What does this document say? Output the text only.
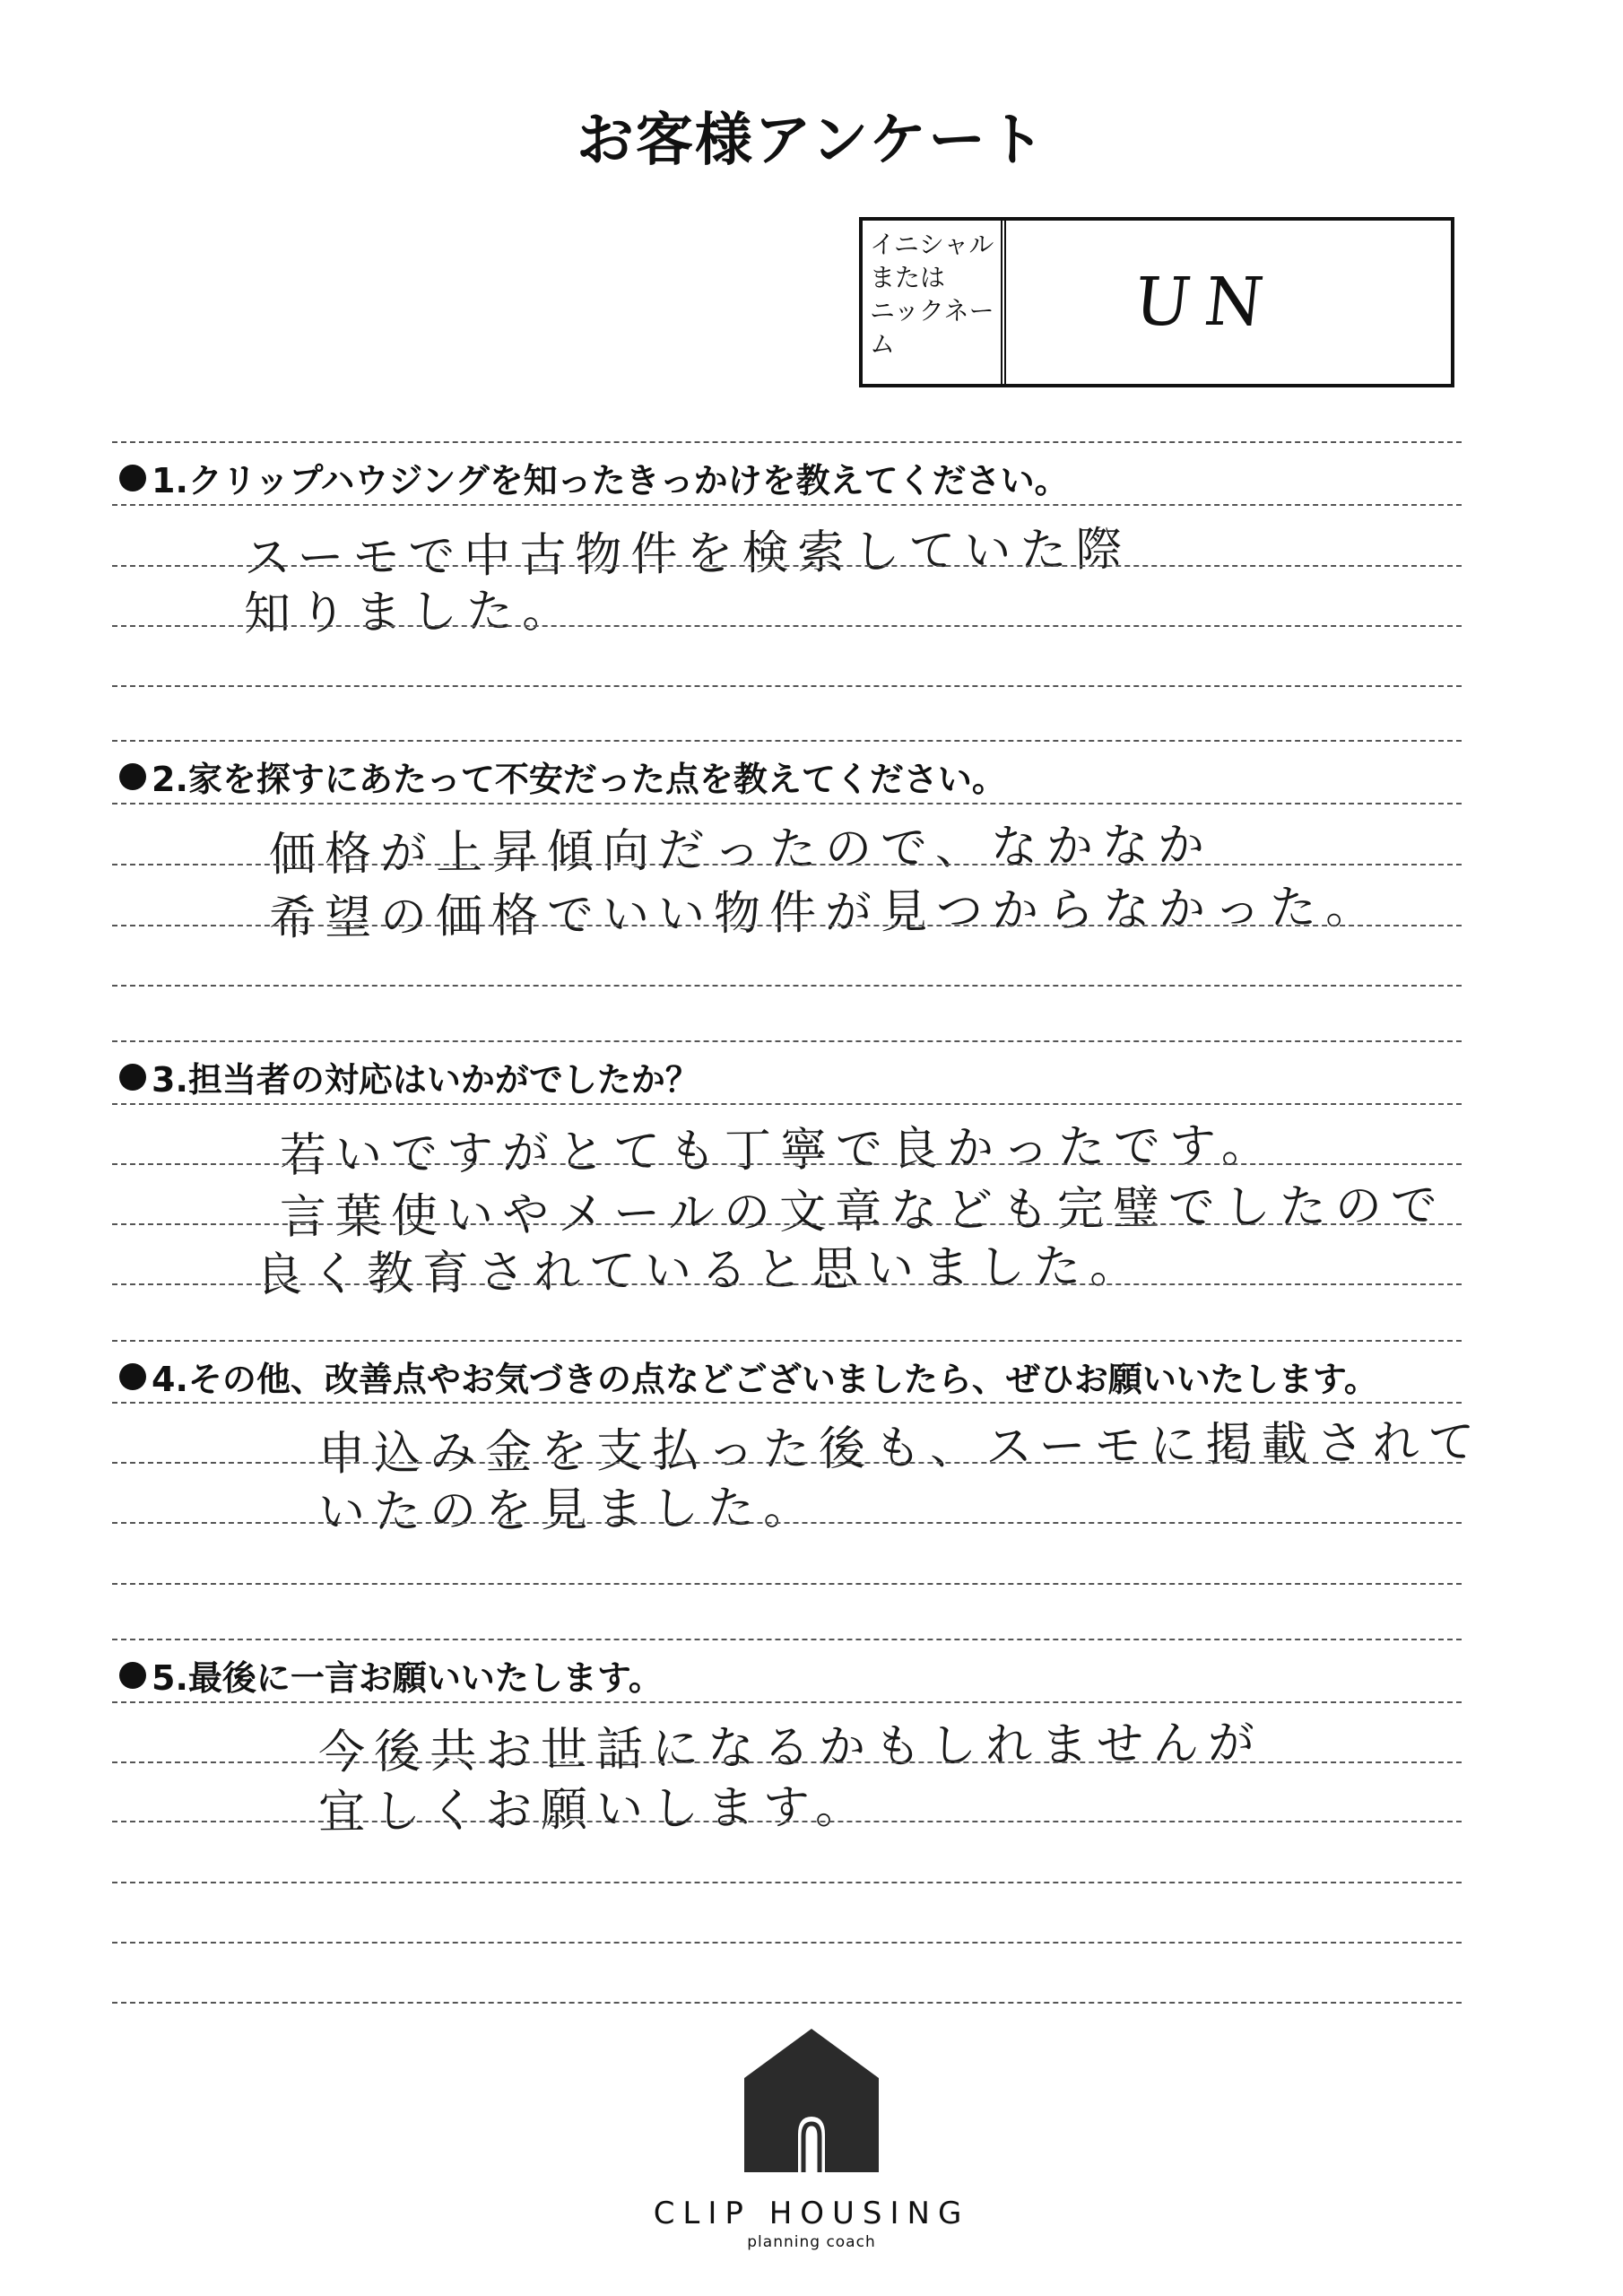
お客様アンケート
イニシャル
または
ニックネー
ム
UN
1.クリップハウジングを知ったきっかけを教えてください。
スーモで中古物件を検索していた際
知りました。
2.家を探すにあたって不安だった点を教えてください。
価格が上昇傾向だったので、なかなか
希望の価格でいい物件が見つからなかった。
3.担当者の対応はいかがでしたか？
若いですがとても丁寧で良かったです。
言葉使いやメールの文章なども完璧でしたので
良く教育されていると思いました。
4.その他、改善点やお気づきの点などございましたら、ぜひお願いいたします。
申込み金を支払った後も、スーモに掲載されて
いたのを見ました。
5.最後に一言お願いいたします。
今後共お世話になるかもしれませんが
宜しくお願いします。
CLIP HOUSING
planning coach
